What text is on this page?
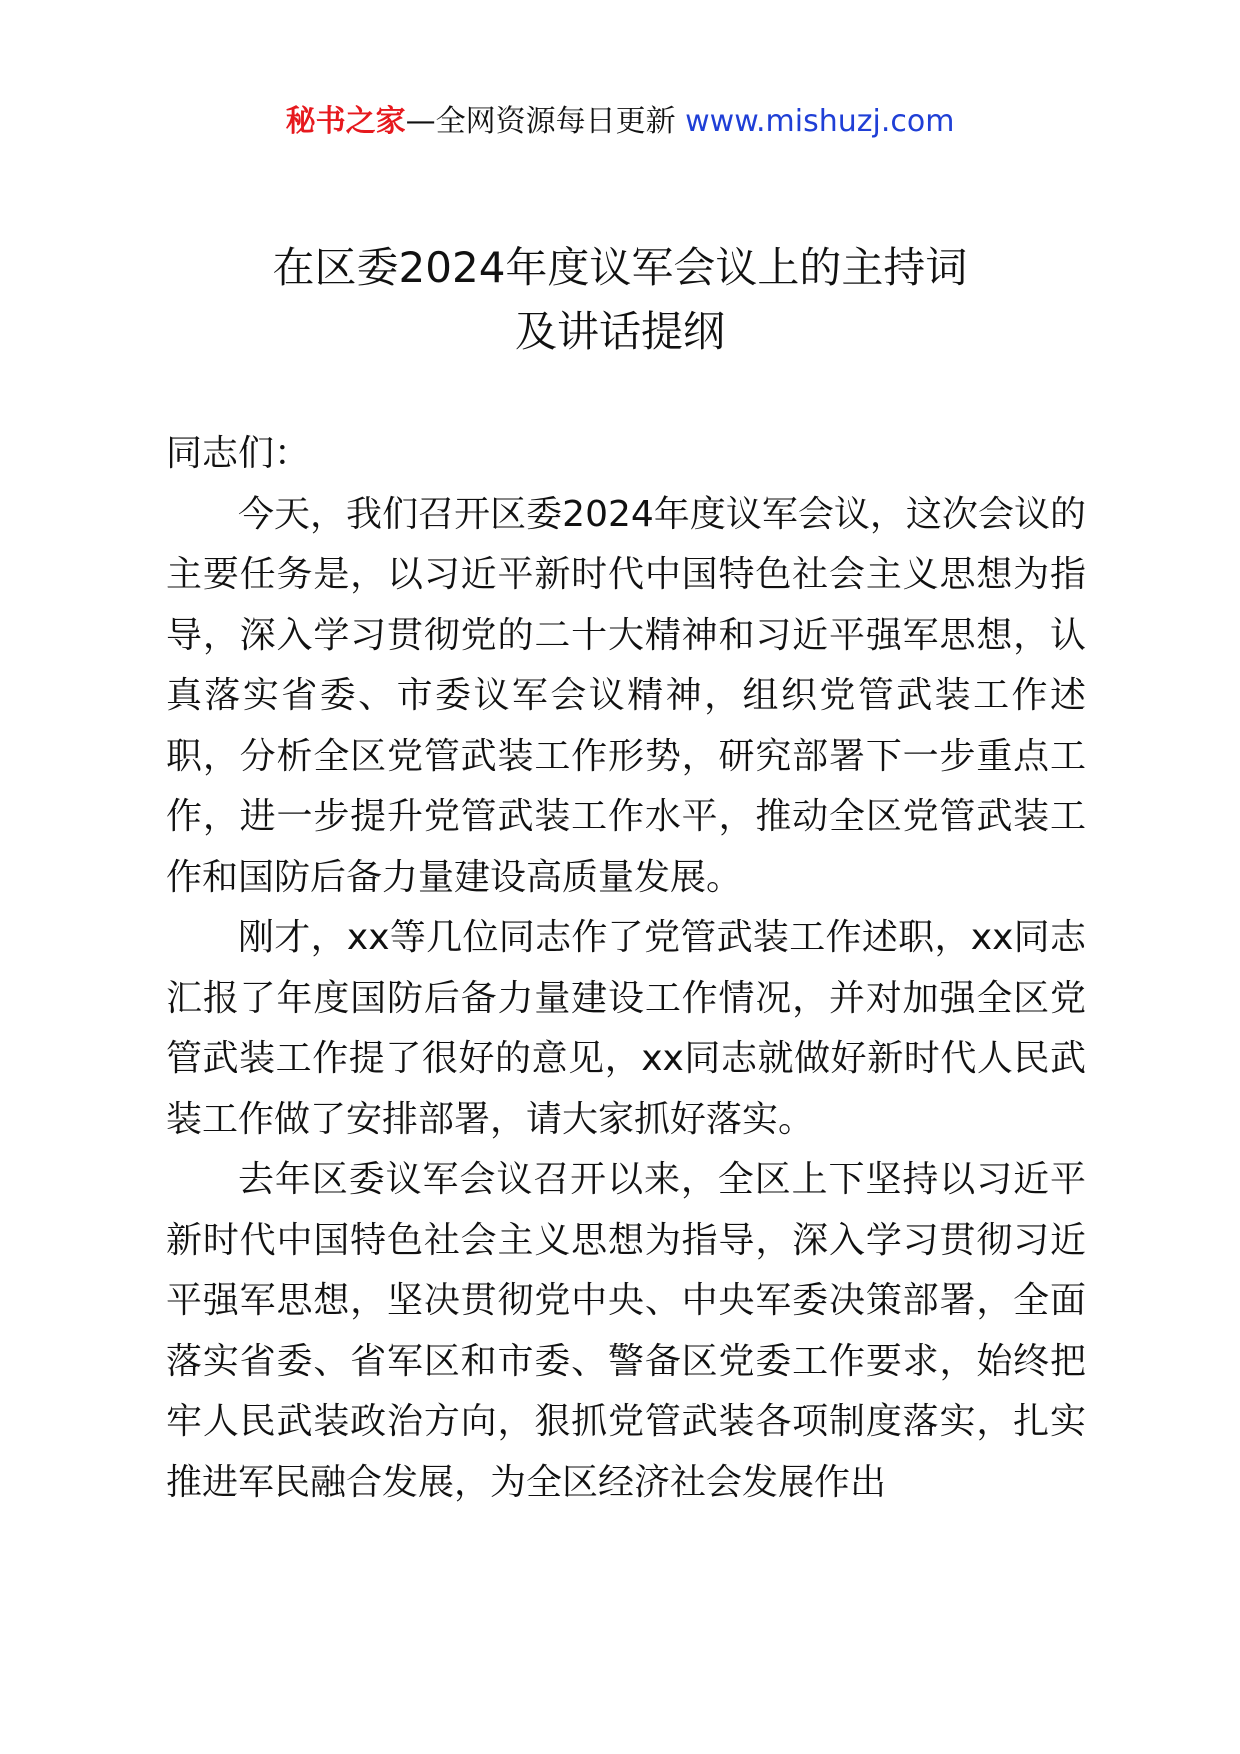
秘书之家—全网资源每日更新 www.mishuzj.com
在区委2024年度议军会议上的主持词
及讲话提纲

同志们：

今天，我们召开区委2024年度议军会议，这次会议的主要任务是，以习近平新时代中国特色社会主义思想为指导，深入学习贯彻党的二十大精神和习近平强军思想，认真落实省委、市委议军会议精神，组织党管武装工作述职，分析全区党管武装工作形势，研究部署下一步重点工作，进一步提升党管武装工作水平，推动全区党管武装工作和国防后备力量建设高质量发展。

刚才，xx等几位同志作了党管武装工作述职，xx同志汇报了年度国防后备力量建设工作情况，并对加强全区党管武装工作提了很好的意见，xx同志就做好新时代人民武装工作做了安排部署，请大家抓好落实。

去年区委议军会议召开以来，全区上下坚持以习近平新时代中国特色社会主义思想为指导，深入学习贯彻习近平强军思想，坚决贯彻党中央、中央军委决策部署，全面落实省委、省军区和市委、警备区党委工作要求，始终把牢人民武装政治方向，狠抓党管武装各项制度落实，扎实推进军民融合发展，为全区经济社会发展作出
